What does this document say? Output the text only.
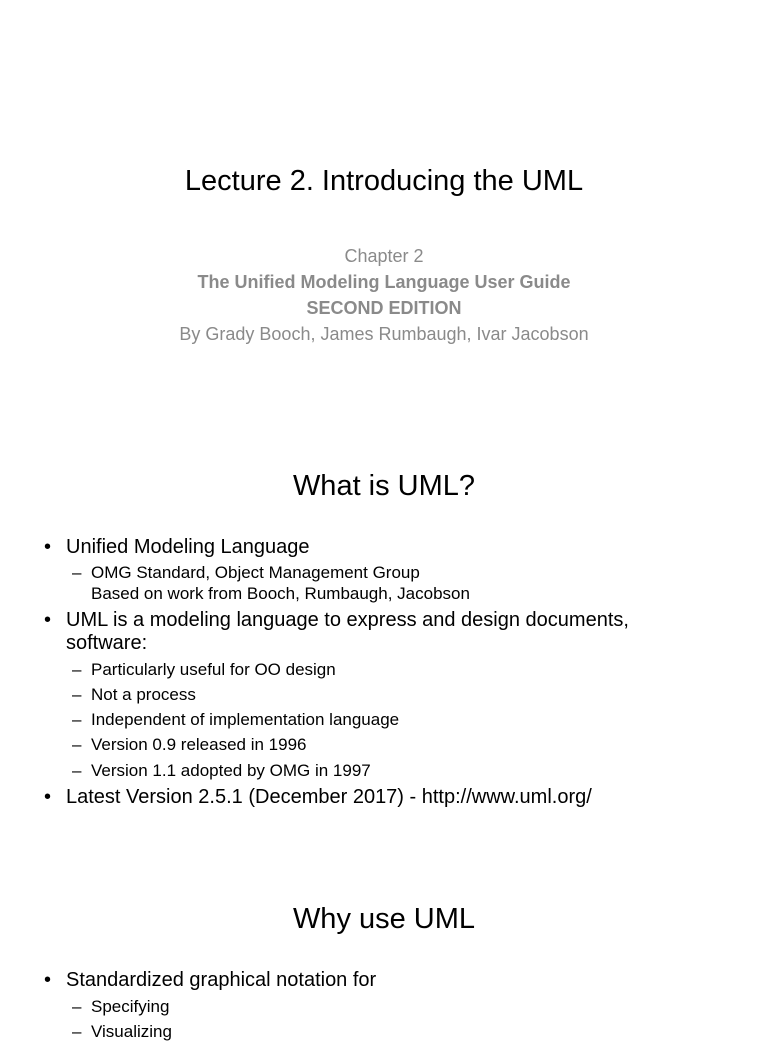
Lecture 2. Introducing the UML
Chapter 2
The Unified Modeling Language User Guide
SECOND EDITION
By Grady Booch, James Rumbaugh, Ivar Jacobson
What is UML?
• Unified Modeling Language
– OMG Standard, Object Management Group
Based on work from Booch, Rumbaugh, Jacobson
• UML is a modeling language to express and design documents,
software:
– Particularly useful for OO design
– Not a process
– Independent of implementation language
– Version 0.9 released in 1996
– Version 1.1 adopted by OMG in 1997
• Latest Version 2.5.1 (December 2017) - http://www.uml.org/
Why use UML
• Standardized graphical notation for
– Specifying
– Visualizing
